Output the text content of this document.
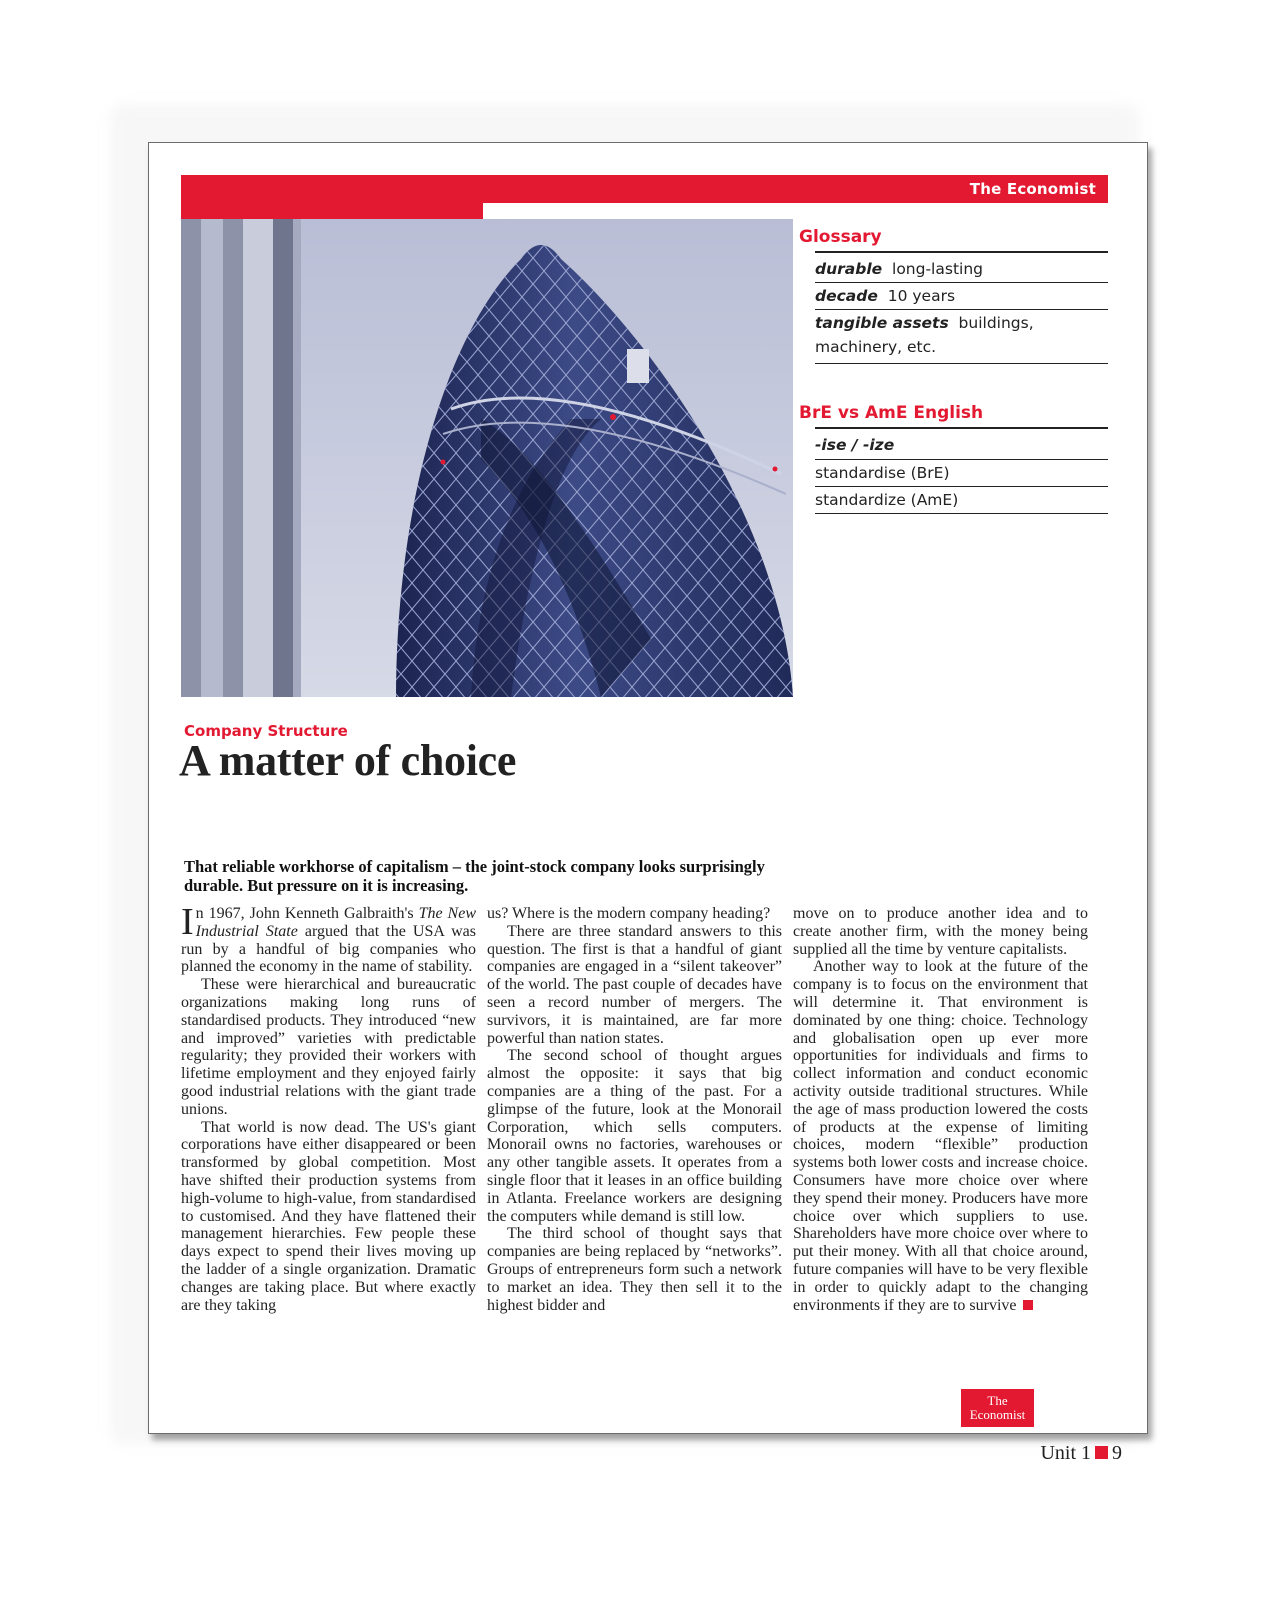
The Economist
Glossary
durable long-lasting
decade 10 years
tangible assets buildings, machinery, etc.
BrE vs AmE English
-ise / -ize
standardise (BrE)
standardize (AmE)
Company Structure
A matter of choice

That reliable workhorse of capitalism – the joint-stock company looks surprisingly durable. But pressure on it is increasing.

In 1967, John Kenneth Galbraith's The New Industrial State argued that the USA was run by a handful of big companies who planned the economy in the name of stability.

These were hierarchical and bureaucratic organizations making long runs of standardised products. They introduced “new and improved” varieties with predictable regularity; they provided their workers with lifetime employment and they enjoyed fairly good industrial relations with the giant trade unions.

That world is now dead. The US's giant corporations have either disappeared or been transformed by global competition. Most have shifted their production systems from high-volume to high-value, from standardised to customised. And they have flattened their management hierarchies. Few people these days expect to spend their lives moving up the ladder of a single organization. Dramatic changes are taking place. But where exactly are they taking

us? Where is the modern company heading?

There are three standard answers to this question. The first is that a handful of giant companies are engaged in a “silent takeover” of the world. The past couple of decades have seen a record number of mergers. The survivors, it is maintained, are far more powerful than nation states.

The second school of thought argues almost the opposite: it says that big companies are a thing of the past. For a glimpse of the future, look at the Monorail Corporation, which sells computers. Monorail owns no factories, warehouses or any other tangible assets. It operates from a single floor that it leases in an office building in Atlanta. Freelance workers are designing the computers while demand is still low.

The third school of thought says that companies are being replaced by “networks”. Groups of entrepreneurs form such a network to market an idea. They then sell it to the highest bidder and

move on to produce another idea and to create another firm, with the money being supplied all the time by venture capitalists.

Another way to look at the future of the company is to focus on the environment that will determine it. That environment is dominated by one thing: choice. Technology and globalisation open up ever more opportunities for individuals and firms to collect information and conduct economic activity outside traditional structures. While the age of mass production lowered the costs of products at the expense of limiting choices, modern “flexible” production systems both lower costs and increase choice. Consumers have more choice over where they spend their money. Producers have more choice over which suppliers to use. Shareholders have more choice over where to put their money. With all that choice around, future companies will have to be very flexible in order to quickly adapt to the changing environments if they are to survive

The
Economist
Unit 1 9
